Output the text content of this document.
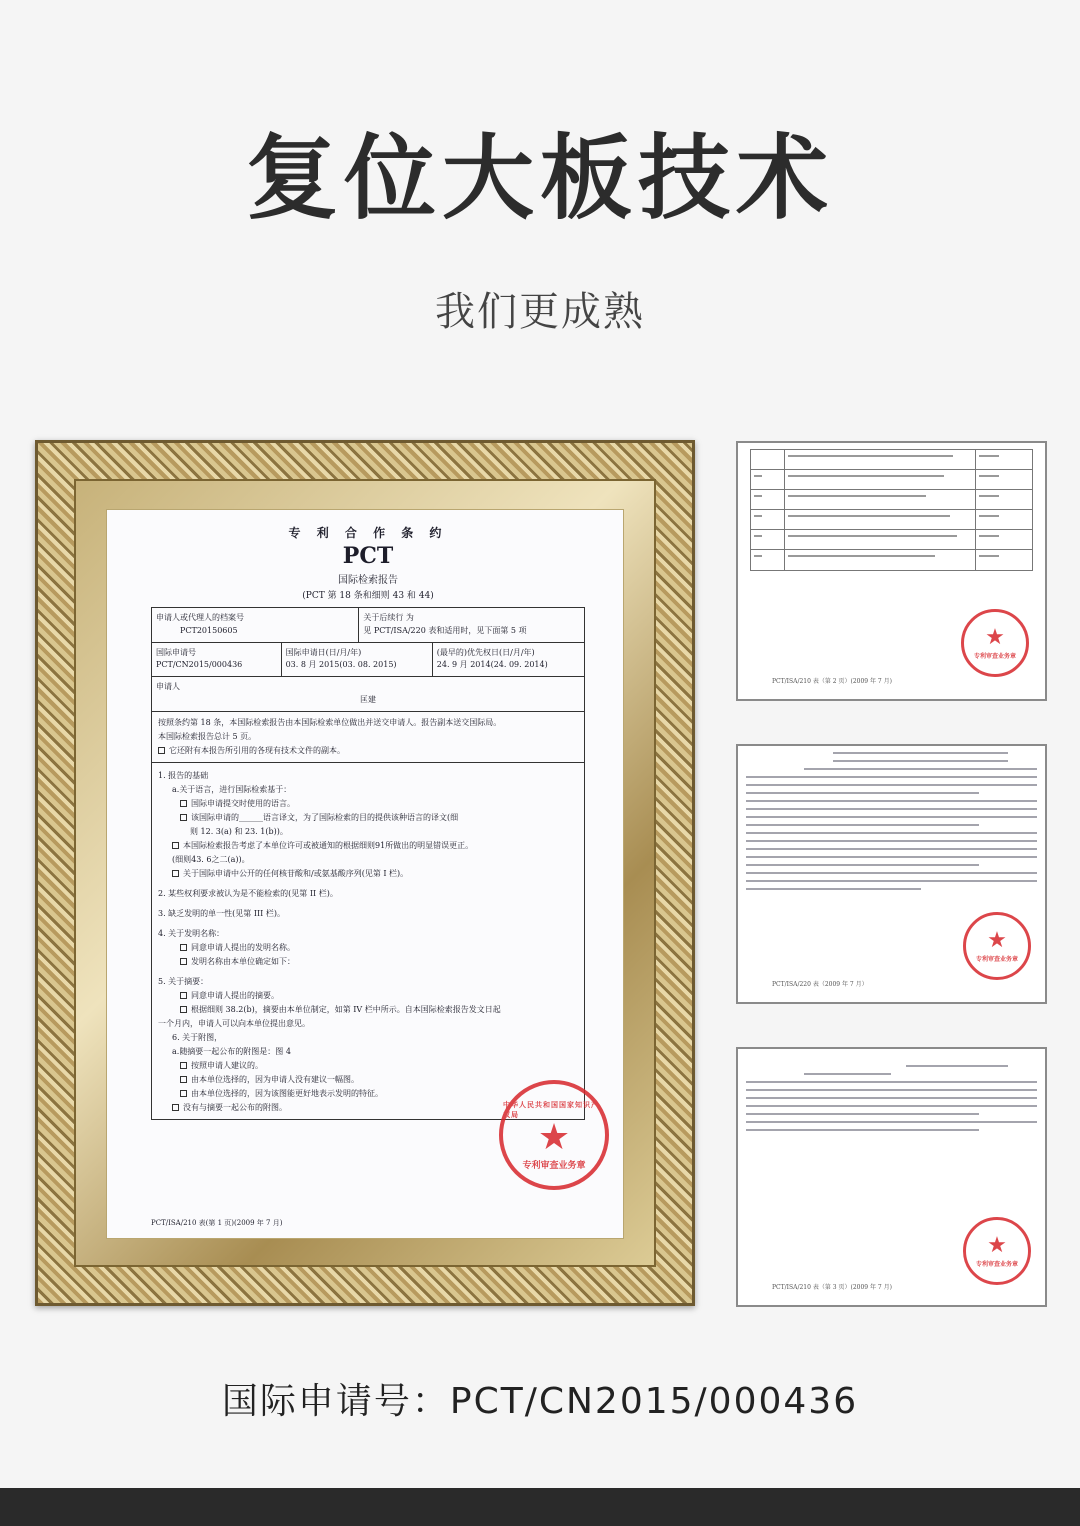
复位大板技术
我们更成熟
专 利 合 作 条 约
PCT
国际检索报告
(PCT 第 18 条和细则 43 和 44)
申请人或代理人的档案号
PCT20150605
关于后续行 为
见 PCT/ISA/220 表和适用时，见下面第 5 项
国际申请号
PCT/CN2015/000436
国际申请日(日/月/年)
03. 8 月 2015(03. 08. 2015)
(最早的)优先权日(日/月/年)
24. 9 月 2014(24. 09. 2014)
申请人
匡建
按照条约第 18 条，本国际检索报告由本国际检索单位做出并送交申请人。报告副本送交国际局。
本国际检索报告总计 5 页。
它还附有本报告所引用的各现有技术文件的副本。
1. 报告的基础
a.关于语言，进行国际检索基于：
国际申请提交时使用的语言。
该国际申请的______语言译文，为了国际检索的目的提供该种语言的译文(细
则 12. 3(a) 和 23. 1(b))。
本国际检索报告考虑了本单位许可或被通知的根据细则91所做出的明显错误更正。
(细则43. 6之二(a))。
关于国际申请中公开的任何核苷酸和/或氨基酸序列(见第 I 栏)。
2. 某些权利要求被认为是不能检索的(见第 II 栏)。
3. 缺乏发明的单一性(见第 III 栏)。
4. 关于发明名称：
同意申请人提出的发明名称。
发明名称由本单位确定如下：
5. 关于摘要：
同意申请人提出的摘要。
根据细则 38.2(b)，摘要由本单位制定，如第 IV 栏中所示。自本国际检索报告发文日起
一个月内，申请人可以向本单位提出意见。
6. 关于附图，
a.随摘要一起公布的附图是：图 4
按照申请人建议的。
由本单位选择的，因为申请人没有建议一幅图。
由本单位选择的，因为该图能更好地表示发明的特征。
没有与摘要一起公布的附图。	中华人民共和国国家知识产权局
★
专利审查业务章
PCT/ISA/210 表(第 1 页)(2009 年 7 月)
★
专利审查业务章
PCT/ISA/210 表（第 2 页）(2009 年 7 月)
★
专利审查业务章
PCT/ISA/220 表（2009 年 7 月）
★
专利审查业务章
PCT/ISA/210 表（第 3 页）(2009 年 7 月)
国际申请号：PCT/CN2015/000436
